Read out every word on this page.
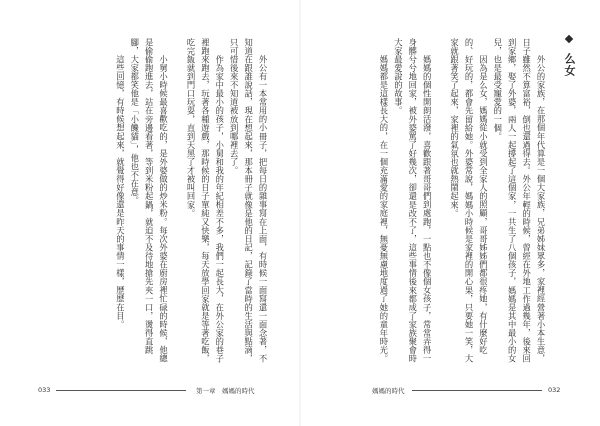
外公有一本常用的小冊子，把每日的雜事寫在上面，有時候一面寫還一面念著，不知道在跟誰說話，現在想起來，那本冊子就像是他的日記，記錄了當時的生活與點滴，只可惜後來不知道被放到哪裡去了。

作為家中最小的孩子，小舅和我的年紀相差不多，我們一起長大，在外公家的巷子裡跑來跑去，玩著各種遊戲，那時候的日子單純又快樂，每天放學回家就是等著吃飯，吃完飯就到門口玩耍，直到天黑了才被叫回家。

小舅小時候最喜歡吃的，是外婆做的炒米粉。每次外婆在廚房裡忙碌的時候，他總是偷偷跑進去，站在旁邊看著，等到米粉起鍋，就迫不及待地搶先夾一口，燙得直跳腳，大家都笑他是「小饞貓」，他也不在意。

這些回憶，有時候想起來，就覺得好像還是昨天的事情一樣，歷歷在目。

033	第一章　媽媽的時代

外公的家族，在那個年代算是一個大家族，兄弟姊妹眾多，家裡經營著小本生意，日子雖然不算富裕，倒也還過得去。外公年輕的時候，曾經在外地工作過幾年，後來回到家鄉，娶了外婆，兩人一起撐起了這個家，一共生了八個孩子，媽媽是其中最小的女兒，也是最受寵愛的一個。

因為是么女，媽媽從小就受到全家人的照顧，哥哥姊姊們都很疼她，有什麼好吃的、好玩的，都會先留給她。外婆常說，媽媽小時候是家裡的開心果，只要她一笑，大家就跟著笑了起來，家裡的氣氛也就熱鬧起來。

媽媽的個性開朗活潑，喜歡跟著哥哥們到處跑，一點也不像個女孩子，常常弄得一身髒兮兮地回家，被外婆罵了好幾次，卻還是改不了，這些事情後來都成了家族聚會時大家最愛說的故事。

媽媽都是這樣長大的，在一個充滿愛的家庭裡，無憂無慮地度過了她的童年時光。	么女
媽媽的時代	032
